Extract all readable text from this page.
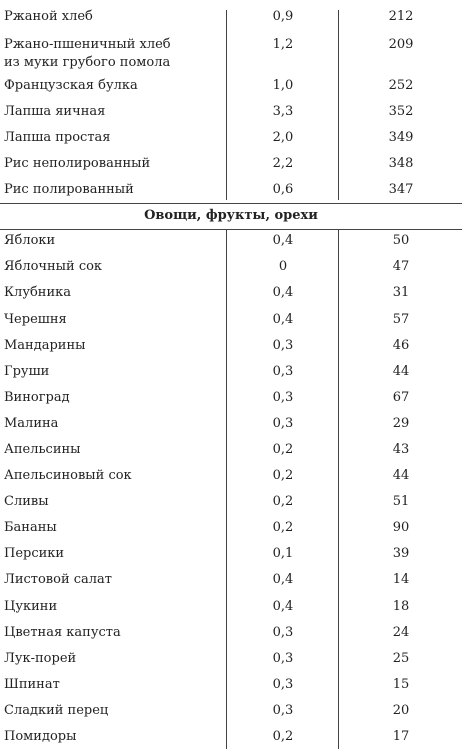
Ржаной хлеб	0,9	212
Ржано-пшеничный хлеб
из муки грубого помола
1,2	209
Французская булка	1,0	252
Лапша яичная	3,3	352
Лапша простая	2,0	349
Рис неполированный	2,2	348
Рис полированный	0,6	347
Овощи, фрукты, орехи
Яблоки	0,4	50
Яблочный сок	0	47
Клубника	0,4	31
Черешня	0,4	57
Мандарины	0,3	46
Груши	0,3	44
Виноград	0,3	67
Малина	0,3	29
Апельсины	0,2	43
Апельсиновый сок	0,2	44
Сливы	0,2	51
Бананы	0,2	90
Персики	0,1	39
Листовой салат	0,4	14
Цукини	0,4	18
Цветная капуста	0,3	24
Лук-порей	0,3	25
Шпинат	0,3	15
Сладкий перец	0,3	20
Помидоры	0,2	17
